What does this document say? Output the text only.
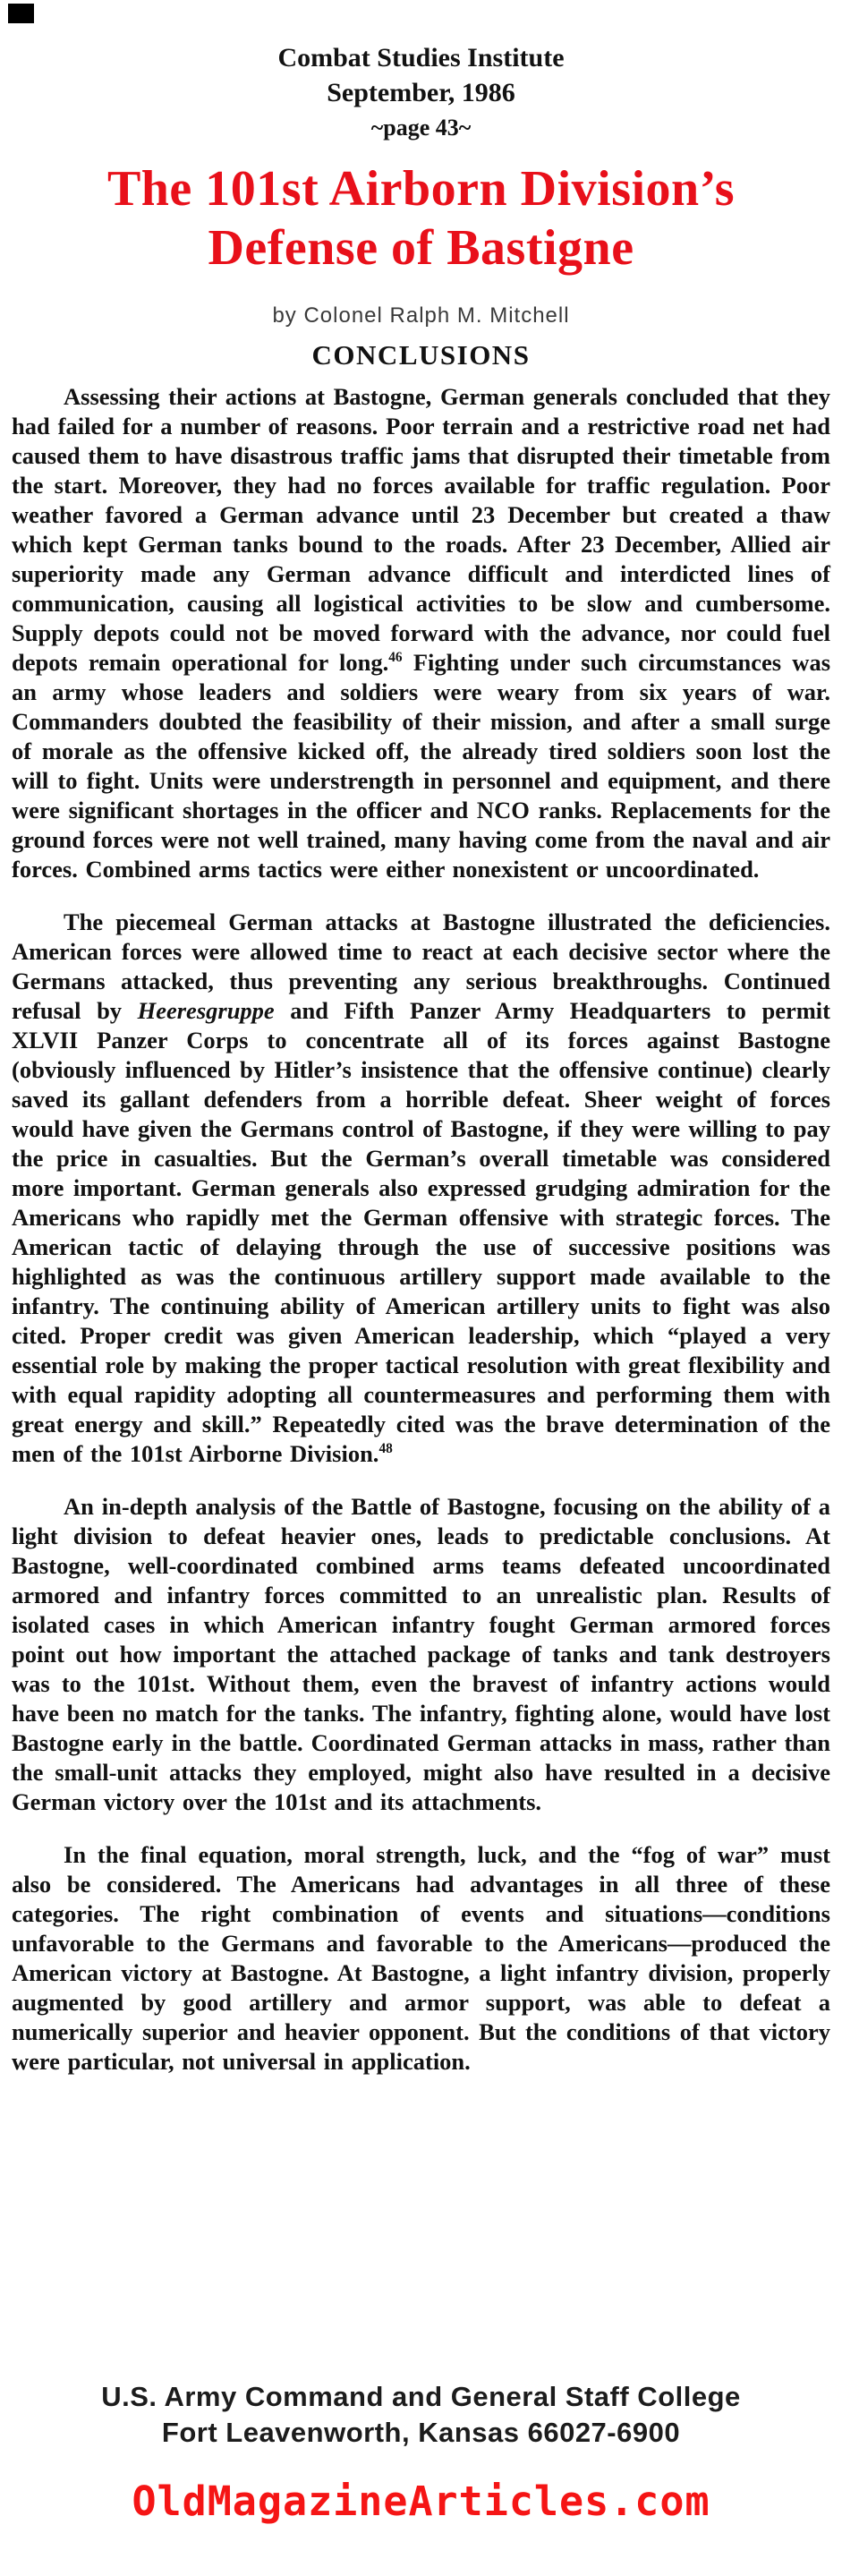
Combat Studies Institute
September, 1986
~page 43~
The 101st Airborn Division’s
Defense of Bastigne
by Colonel Ralph M. Mitchell
CONCLUSIONS

Assessing their actions at Bastogne, German generals concluded that they had failed for a number of reasons. Poor terrain and a restrictive road net had caused them to have disastrous traffic jams that disrupted their timetable from the start. Moreover, they had no forces available for traffic regulation. Poor weather favored a German advance until 23 December but created a thaw which kept German tanks bound to the roads. After 23 December, Allied air superiority made any German advance difficult and interdicted lines of communication, causing all logistical activities to be slow and cumbersome. Supply depots could not be moved forward with the advance, nor could fuel depots remain operational for long.$^{46}$ Fighting under such circumstances was an army whose leaders and soldiers were weary from six years of war. Commanders doubted the feasibility of their mission, and after a small surge of morale as the offensive kicked off, the already tired soldiers soon lost the will to fight. Units were understrength in personnel and equipment, and there were significant shortages in the officer and NCO ranks. Replacements for the ground forces were not well trained, many having come from the naval and air forces. Combined arms tactics were either nonexistent or uncoordinated.

The piecemeal German attacks at Bastogne illustrated the deficiencies. American forces were allowed time to react at each decisive sector where the Germans attacked, thus preventing any serious breakthroughs. Continued refusal by Heeresgruppe and Fifth Panzer Army Headquarters to permit XLVII Panzer Corps to concentrate all of its forces against Bastogne (obviously influenced by Hitler’s insistence that the offensive continue) clearly saved its gallant defenders from a horrible defeat. Sheer weight of forces would have given the Germans control of Bastogne, if they were willing to pay the price in casualties. But the German’s overall timetable was considered more important. German generals also expressed grudging admiration for the Americans who rapidly met the German offensive with strategic forces. The American tactic of delaying through the use of successive positions was highlighted as was the continuous artillery support made available to the infantry. The continuing ability of American artillery units to fight was also cited. Proper credit was given American leadership, which “played a very essential role by making the proper tactical resolution with great flexibility and with equal rapidity adopting all countermeasures and performing them with great energy and skill.” Repeatedly cited was the brave determination of the men of the 101st Airborne Division.$^{48}$

An in-depth analysis of the Battle of Bastogne, focusing on the ability of a light division to defeat heavier ones, leads to predictable conclusions. At Bastogne, well-coordinated combined arms teams defeated uncoordinated armored and infantry forces committed to an unrealistic plan. Results of isolated cases in which American infantry fought German armored forces point out how important the attached package of tanks and tank destroyers was to the 101st. Without them, even the bravest of infantry actions would have been no match for the tanks. The infantry, fighting alone, would have lost Bastogne early in the battle. Coordinated German attacks in mass, rather than the small-unit attacks they employed, might also have resulted in a decisive German victory over the 101st and its attachments.

In the final equation, moral strength, luck, and the “fog of war” must also be considered. The Americans had advantages in all three of these categories. The right combination of events and situations—conditions unfavorable to the Germans and favorable to the Americans—produced the American victory at Bastogne. At Bastogne, a light infantry division, properly augmented by good artillery and armor support, was able to defeat a numerically superior and heavier opponent. But the conditions of that victory were particular, not universal in application.

U.S. Army Command and General Staff College
Fort Leavenworth, Kansas 66027-6900
OldMagazineArticles.com
